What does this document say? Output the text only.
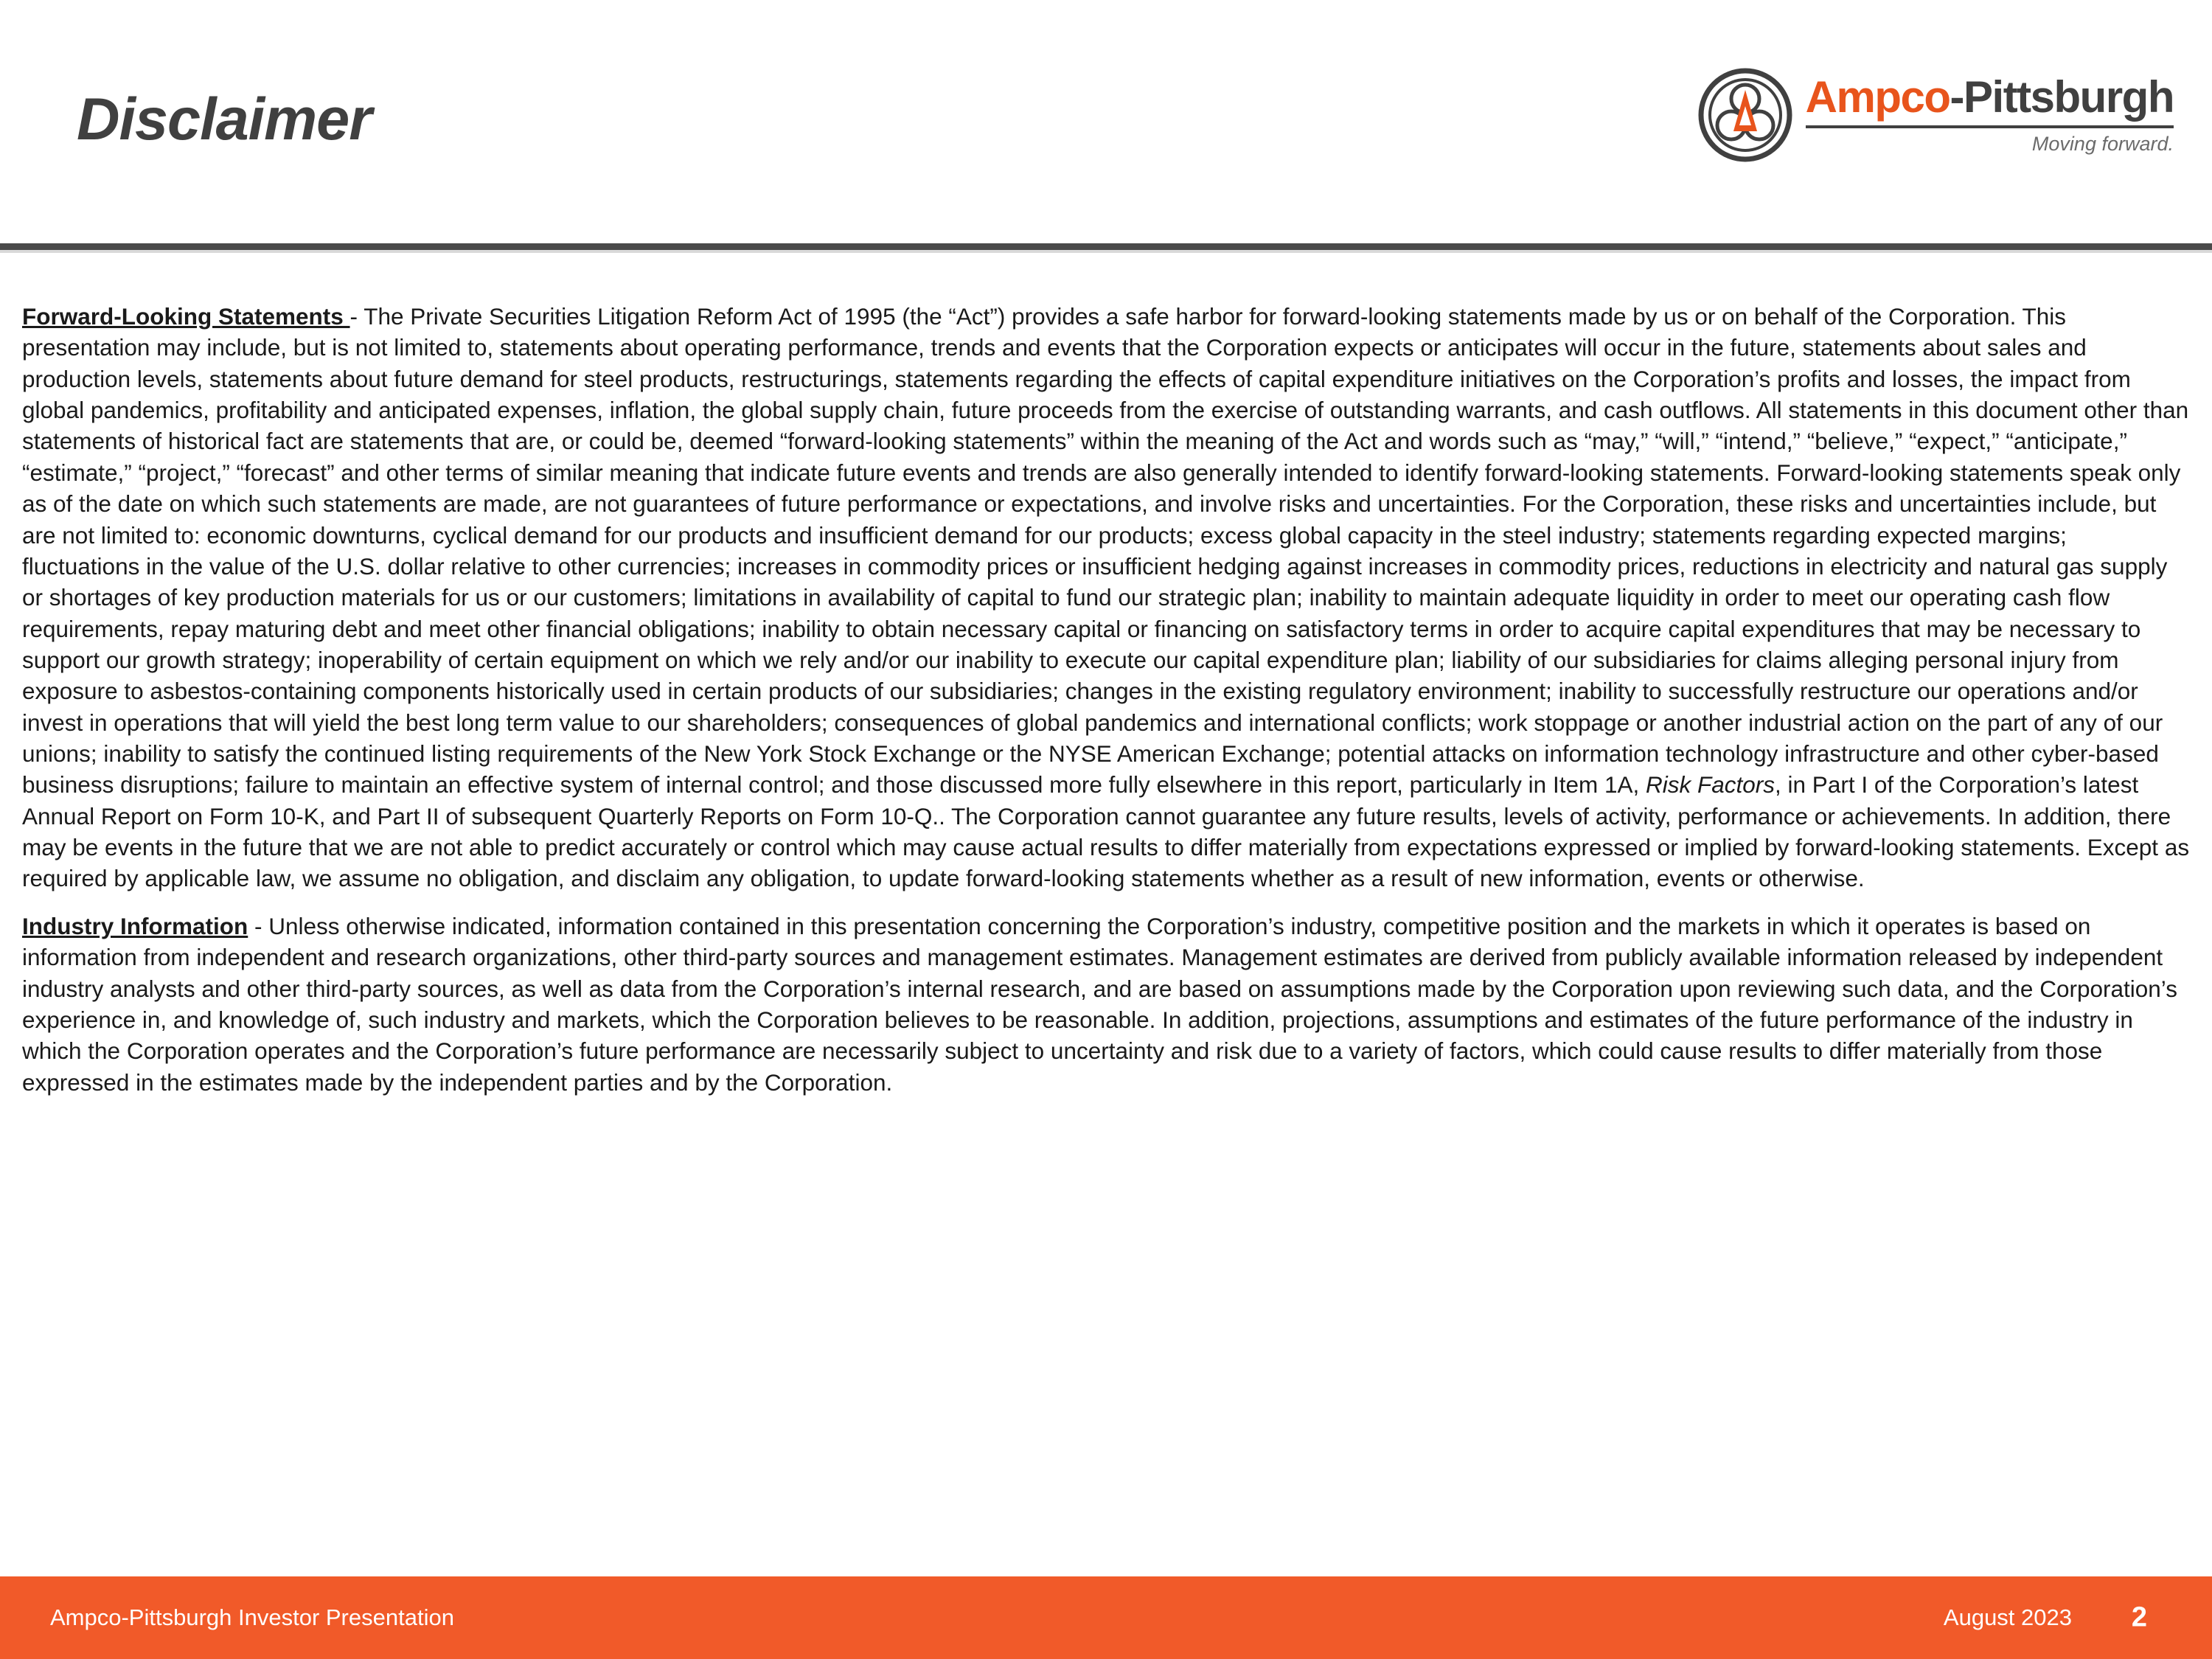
Disclaimer	Ampco-Pittsburgh
Moving forward.

Forward-Looking Statements - The Private Securities Litigation Reform Act of 1995 (the “Act”) provides a safe harbor for forward-looking statements made by us or on behalf of the Corporation. This presentation may include, but is not limited to, statements about operating performance, trends and events that the Corporation expects or anticipates will occur in the future, statements about sales and production levels, statements about future demand for steel products, restructurings, statements regarding the effects of capital expenditure initiatives on the Corporation’s profits and losses, the impact from global pandemics, profitability and anticipated expenses, inflation, the global supply chain, future proceeds from the exercise of outstanding warrants, and cash outflows. All statements in this document other than statements of historical fact are statements that are, or could be, deemed “forward-looking statements” within the meaning of the Act and words such as “may,” “will,” “intend,” “believe,” “expect,” “anticipate,” “estimate,” “project,” “forecast” and other terms of similar meaning that indicate future events and trends are also generally intended to identify forward-looking statements. Forward-looking statements speak only as of the date on which such statements are made, are not guarantees of future performance or expectations, and involve risks and uncertainties. For the Corporation, these risks and uncertainties include, but are not limited to: economic downturns, cyclical demand for our products and insufficient demand for our products; excess global capacity in the steel industry; statements regarding expected margins; fluctuations in the value of the U.S. dollar relative to other currencies; increases in commodity prices or insufficient hedging against increases in commodity prices, reductions in electricity and natural gas supply or shortages of key production materials for us or our customers; limitations in availability of capital to fund our strategic plan; inability to maintain adequate liquidity in order to meet our operating cash flow requirements, repay maturing debt and meet other financial obligations; inability to obtain necessary capital or financing on satisfactory terms in order to acquire capital expenditures that may be necessary to support our growth strategy; inoperability of certain equipment on which we rely and/or our inability to execute our capital expenditure plan; liability of our subsidiaries for claims alleging personal injury from exposure to asbestos-containing components historically used in certain products of our subsidiaries; changes in the existing regulatory environment; inability to successfully restructure our operations and/or invest in operations that will yield the best long term value to our shareholders; consequences of global pandemics and international conflicts; work stoppage or another industrial action on the part of any of our unions; inability to satisfy the continued listing requirements of the New York Stock Exchange or the NYSE American Exchange; potential attacks on information technology infrastructure and other cyber-based business disruptions; failure to maintain an effective system of internal control; and those discussed more fully elsewhere in this report, particularly in Item 1A, Risk Factors, in Part I of the Corporation’s latest Annual Report on Form 10-K, and Part II of subsequent Quarterly Reports on Form 10-Q.. The Corporation cannot guarantee any future results, levels of activity, performance or achievements. In addition, there may be events in the future that we are not able to predict accurately or control which may cause actual results to differ materially from expectations expressed or implied by forward-looking statements. Except as required by applicable law, we assume no obligation, and disclaim any obligation, to update forward-looking statements whether as a result of new information, events or otherwise.

Industry Information - Unless otherwise indicated, information contained in this presentation concerning the Corporation’s industry, competitive position and the markets in which it operates is based on information from independent and research organizations, other third-party sources and management estimates. Management estimates are derived from publicly available information released by independent industry analysts and other third-party sources, as well as data from the Corporation’s internal research, and are based on assumptions made by the Corporation upon reviewing such data, and the Corporation’s experience in, and knowledge of, such industry and markets, which the Corporation believes to be reasonable. In addition, projections, assumptions and estimates of the future performance of the industry in which the Corporation operates and the Corporation’s future performance are necessarily subject to uncertainty and risk due to a variety of factors, which could cause results to differ materially from those expressed in the estimates made by the independent parties and by the Corporation.

Ampco-Pittsburgh Investor Presentation	August 2023 2
